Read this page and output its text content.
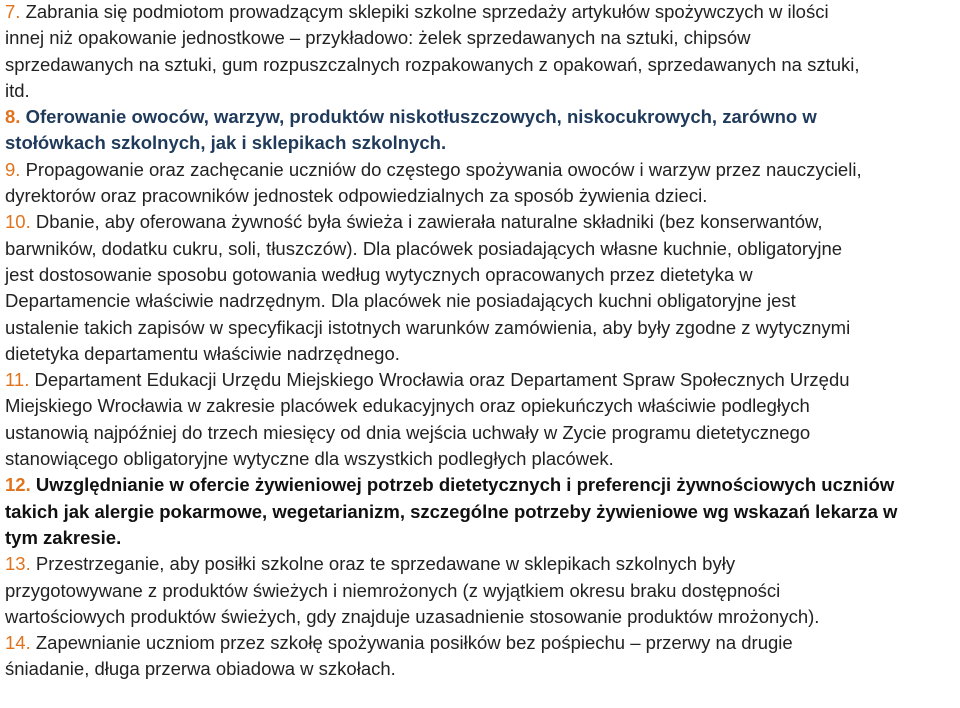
7. Zabrania się podmiotom prowadzącym sklepiki szkolne sprzedaży artykułów spożywczych w ilości
innej niż opakowanie jednostkowe – przykładowo: żelek sprzedawanych na sztuki, chipsów
sprzedawanych na sztuki, gum rozpuszczalnych rozpakowanych z opakowań, sprzedawanych na sztuki,
itd.

8. Oferowanie owoców, warzyw, produktów niskotłuszczowych, niskocukrowych, zarówno w
stołówkach szkolnych, jak i sklepikach szkolnych.

9. Propagowanie oraz zachęcanie uczniów do częstego spożywania owoców i warzyw przez nauczycieli,
dyrektorów oraz pracowników jednostek odpowiedzialnych za sposób żywienia dzieci.

10. Dbanie, aby oferowana żywność była świeża i zawierała naturalne składniki (bez konserwantów,
barwników, dodatku cukru, soli, tłuszczów). Dla placówek posiadających własne kuchnie, obligatoryjne
jest dostosowanie sposobu gotowania według wytycznych opracowanych przez dietetyka w
Departamencie właściwie nadrzędnym. Dla placówek nie posiadających kuchni obligatoryjne jest
ustalenie takich zapisów w specyfikacji istotnych warunków zamówienia, aby były zgodne z wytycznymi
dietetyka departamentu właściwie nadrzędnego.

11. Departament Edukacji Urzędu Miejskiego Wrocławia oraz Departament Spraw Społecznych Urzędu
Miejskiego Wrocławia w zakresie placówek edukacyjnych oraz opiekuńczych właściwie podległych
ustanowią najpóźniej do trzech miesięcy od dnia wejścia uchwały w Zycie programu dietetycznego
stanowiącego obligatoryjne wytyczne dla wszystkich podległych placówek.

12. Uwzględnianie w ofercie żywieniowej potrzeb dietetycznych i preferencji żywnościowych uczniów
takich jak alergie pokarmowe, wegetarianizm, szczególne potrzeby żywieniowe wg wskazań lekarza w
tym zakresie.

13. Przestrzeganie, aby posiłki szkolne oraz te sprzedawane w sklepikach szkolnych były
przygotowywane z produktów świeżych i niemrożonych (z wyjątkiem okresu braku dostępności
wartościowych produktów świeżych, gdy znajduje uzasadnienie stosowanie produktów mrożonych).

14. Zapewnianie uczniom przez szkołę spożywania posiłków bez pośpiechu – przerwy na drugie
śniadanie, długa przerwa obiadowa w szkołach.
